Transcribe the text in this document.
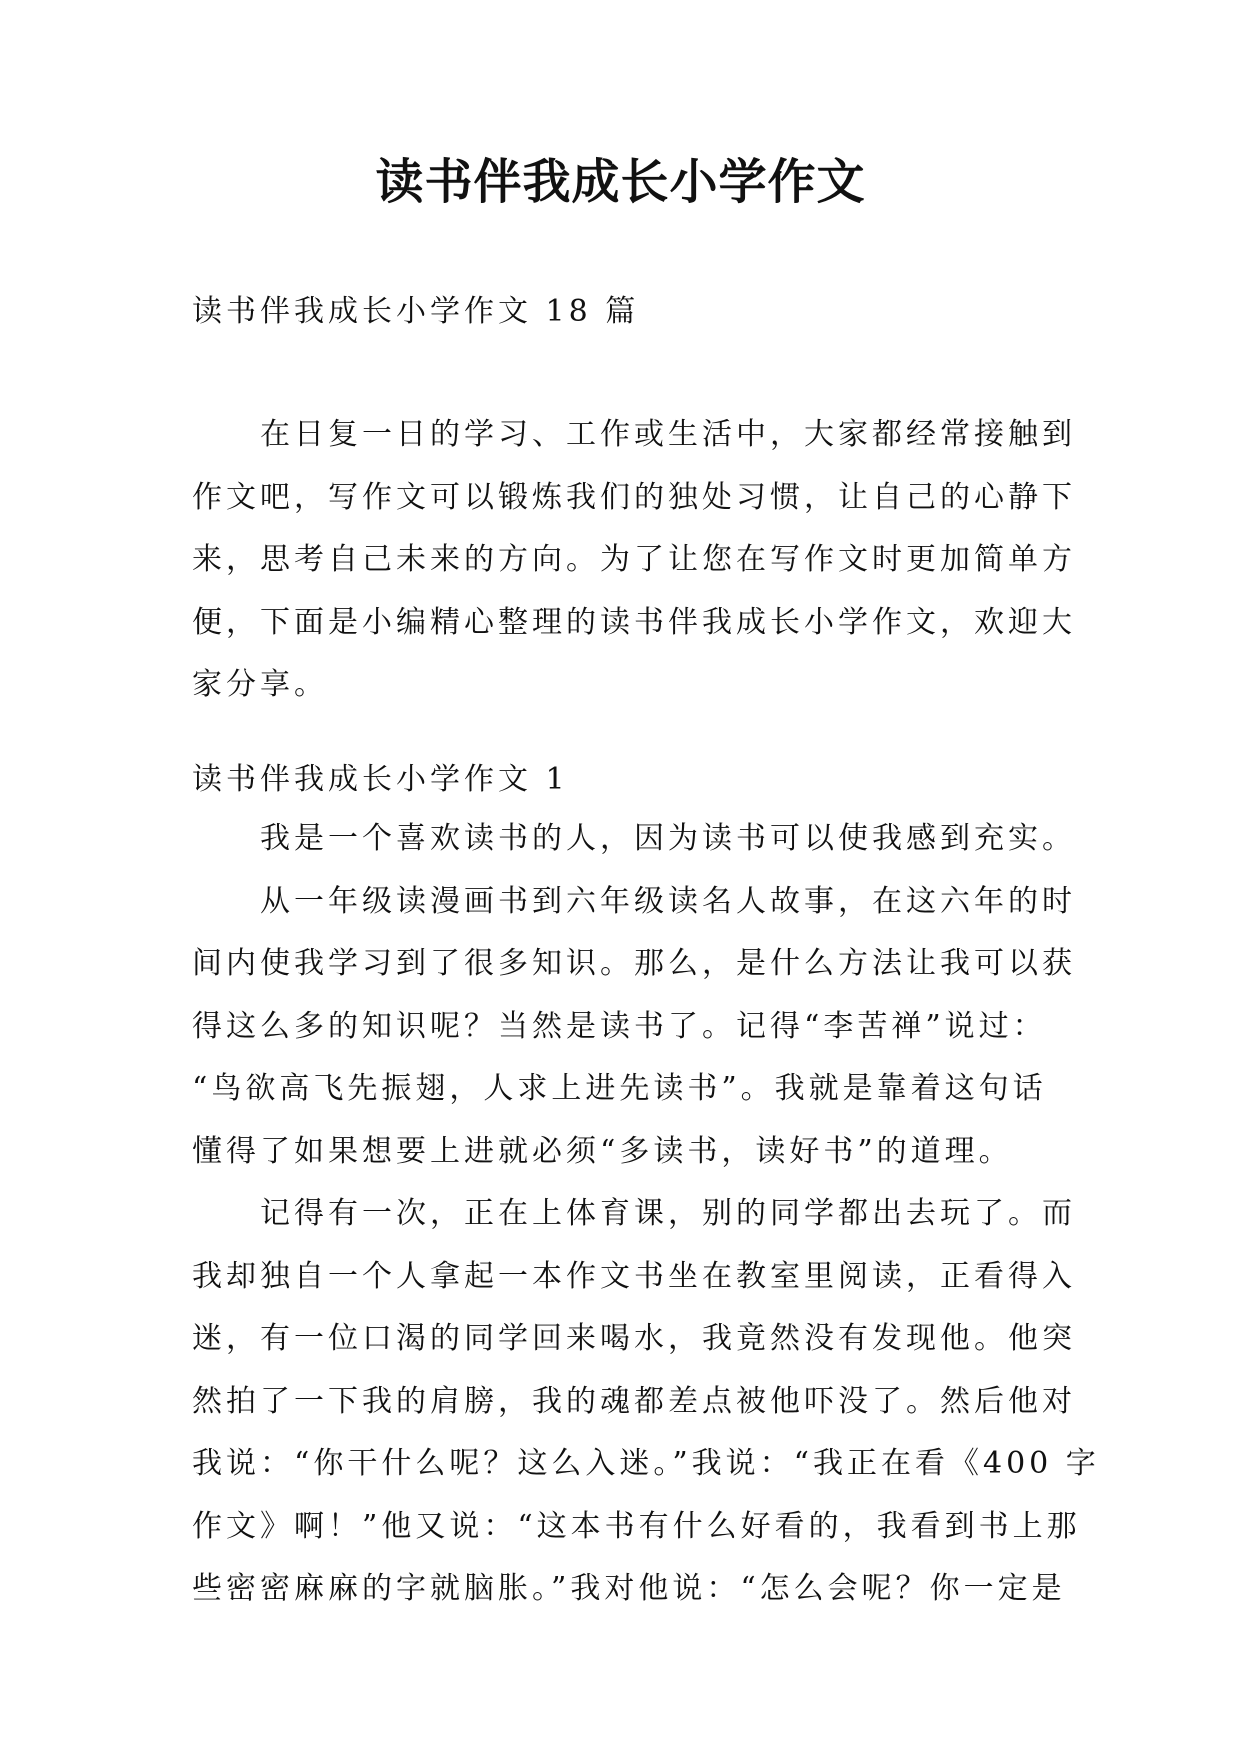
读书伴我成长小学作文

读书伴我成长小学作文 18 篇

　　在日复一日的学习、工作或生活中，大家都经常接触到
作文吧，写作文可以锻炼我们的独处习惯，让自己的心静下
来，思考自己未来的方向。为了让您在写作文时更加简单方
便，下面是小编精心整理的读书伴我成长小学作文，欢迎大
家分享。

读书伴我成长小学作文 1

　　我是一个喜欢读书的人，因为读书可以使我感到充实。
　　从一年级读漫画书到六年级读名人故事，在这六年的时
间内使我学习到了很多知识。那么，是什么方法让我可以获
得这么多的知识呢？当然是读书了。记得“李苦禅”说过：
“鸟欲高飞先振翅，人求上进先读书”。我就是靠着这句话
懂得了如果想要上进就必须“多读书，读好书”的道理。
　　记得有一次，正在上体育课，别的同学都出去玩了。而
我却独自一个人拿起一本作文书坐在教室里阅读，正看得入
迷，有一位口渴的同学回来喝水，我竟然没有发现他。他突
然拍了一下我的肩膀，我的魂都差点被他吓没了。然后他对
我说：“你干什么呢？这么入迷。”我说：“我正在看《400 字
作文》啊！”他又说：“这本书有什么好看的，我看到书上那
些密密麻麻的字就脑胀。”我对他说：“怎么会呢？你一定是
